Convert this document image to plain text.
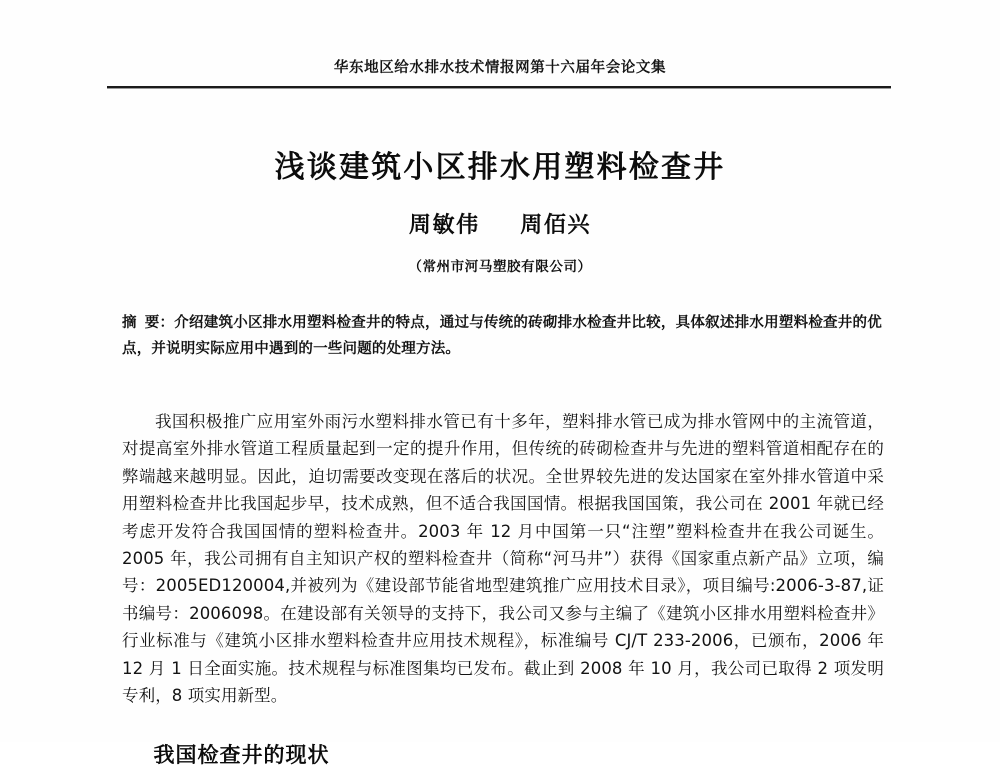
华东地区给水排水技术情报网第十六届年会论文集
浅谈建筑小区排水用塑料检查井
周敏伟 周佰兴
（常州市河马塑胶有限公司）
摘 要：介绍建筑小区排水用塑料检查井的特点，通过与传统的砖砌排水检查井比较，具体叙述排水用塑料检查井的优点，并说明实际应用中遇到的一些问题的处理方法。

我国积极推广应用室外雨污水塑料排水管已有十多年，塑料排水管已成为排水管网中的主流管道，对提高室外排水管道工程质量起到一定的提升作用，但传统的砖砌检查井与先进的塑料管道相配存在的弊端越来越明显。因此，迫切需要改变现在落后的状况。全世界较先进的发达国家在室外排水管道中采用塑料检查井比我国起步早，技术成熟，但不适合我国国情。根据我国国策，我公司在 2001 年就已经考虑开发符合我国国情的塑料检查井。2003 年 12 月中国第一只“注塑”塑料检查井在我公司诞生。2005 年，我公司拥有自主知识产权的塑料检查井（简称“河马井”）获得《国家重点新产品》立项，编号：2005ED120004,并被列为《建设部节能省地型建筑推广应用技术目录》，项目编号:2006-3-87,证书编号：2006098。在建设部有关领导的支持下，我公司又参与主编了《建筑小区排水用塑料检查井》行业标准与《建筑小区排水塑料检查井应用技术规程》，标准编号 CJ/T 233-2006，已颁布，2006 年 12 月 1 日全面实施。技术规程与标准图集均已发布。截止到 2008 年 10 月，我公司已取得 2 项发明专利，8 项实用新型。

我国检查井的现状
